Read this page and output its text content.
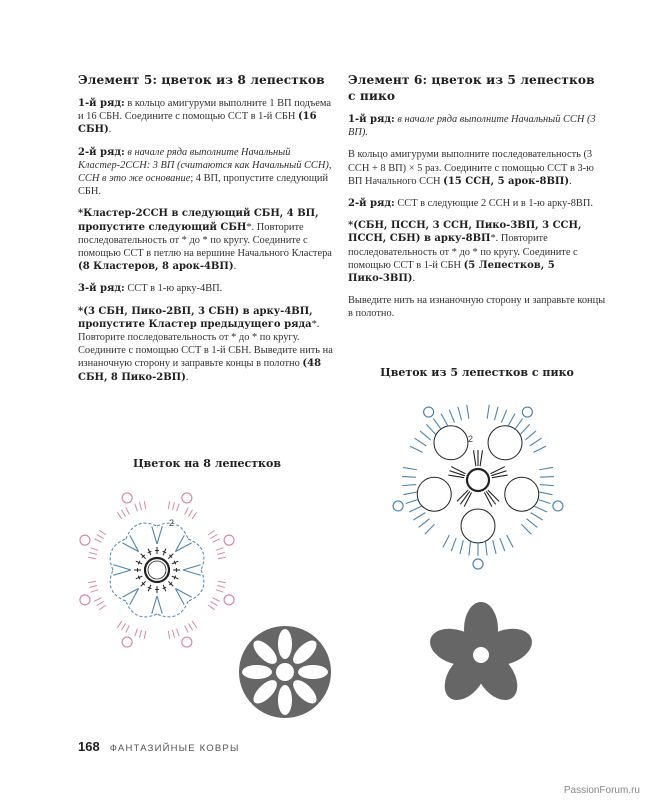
Элемент 5: цветок из 8 лепестков

1-й ряд: в кольцо амигуруми выполните 1 ВП подъема и 16 СБН. Соедините с помощью ССТ в 1-й СБН (16 СБН).

2-й ряд: в начале ряда выполните Начальный Кластер-2ССН: 3 ВП (считаются как Начальный ССН), ССН в это же основание; 4 ВП, пропустите следующий СБН.

*Кластер-2ССН в следующий СБН, 4 ВП, пропустите следующий СБН*. Повторите последовательность от * до * по кругу. Соедините с помощью ССТ в петлю на вершине Начального Кластера (8 Кластеров, 8 арок-4ВП).

3-й ряд: ССТ в 1-ю арку-4ВП.

*(3 СБН, Пико-2ВП, 3 СБН) в арку-4ВП, пропустите Кластер предыдущего ряда*. Повторите последовательность от * до * по кругу. Соедините с помощью ССТ в 1-й СБН. Выведите нить на изнаночную сторону и заправьте концы в полотно (48 СБН, 8 Пико-2ВП).

Цветок на 8 лепестков
Элемент 6: цветок из 5 лепестков с пико

1-й ряд: в начале ряда выполните Начальный ССН (3 ВП).

В кольцо амигуруми выполните последовательность (3 ССН + 8 ВП) × 5 раз. Соедините с помощью ССТ в 3-ю ВП Начального ССН (15 ССН, 5 арок-8ВП).

2-й ряд: ССТ в следующие 2 ССН и в 1-ю арку-8ВП.

*(СБН, ПССН, 3 ССН, Пико-3ВП, 3 ССН, ПССН, СБН) в арку-8ВП*. Повторите последовательность от * до * по кругу. Соедините с помощью ССТ в 1-й СБН (5 Лепестков, 5 Пико-3ВП).

Выведите нить на изнаночную сторону и заправьте концы в полотно.

Цветок из 5 лепестков с пико
2
2
168 ФАНТАЗИЙНЫЕ КОВРЫ
PassionForum.ru
